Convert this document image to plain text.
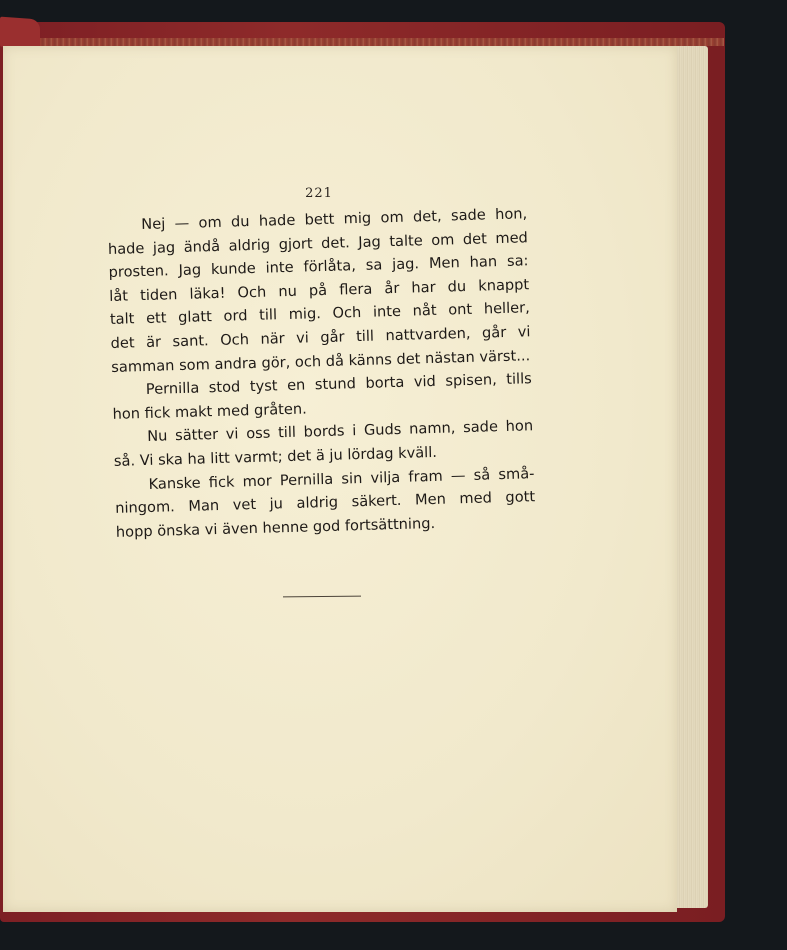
221
Nej — om du hade bett mig om det, sade hon,
hade jag ändå aldrig gjort det. Jag talte om det med
prosten. Jag kunde inte förlåta, sa jag. Men han sa:
låt tiden läka! Och nu på flera år har du knappt
talt ett glatt ord till mig. Och inte nåt ont heller,
det är sant. Och när vi går till nattvarden, går vi
samman som andra gör, och då känns det nästan värst...
Pernilla stod tyst en stund borta vid spisen, tills
hon fick makt med gråten.
Nu sätter vi oss till bords i Guds namn, sade hon
så. Vi ska ha litt varmt; det ä ju lördag kväll.
Kanske fick mor Pernilla sin vilja fram — så små-
ningom. Man vet ju aldrig säkert. Men med gott
hopp önska vi även henne god fortsättning.
